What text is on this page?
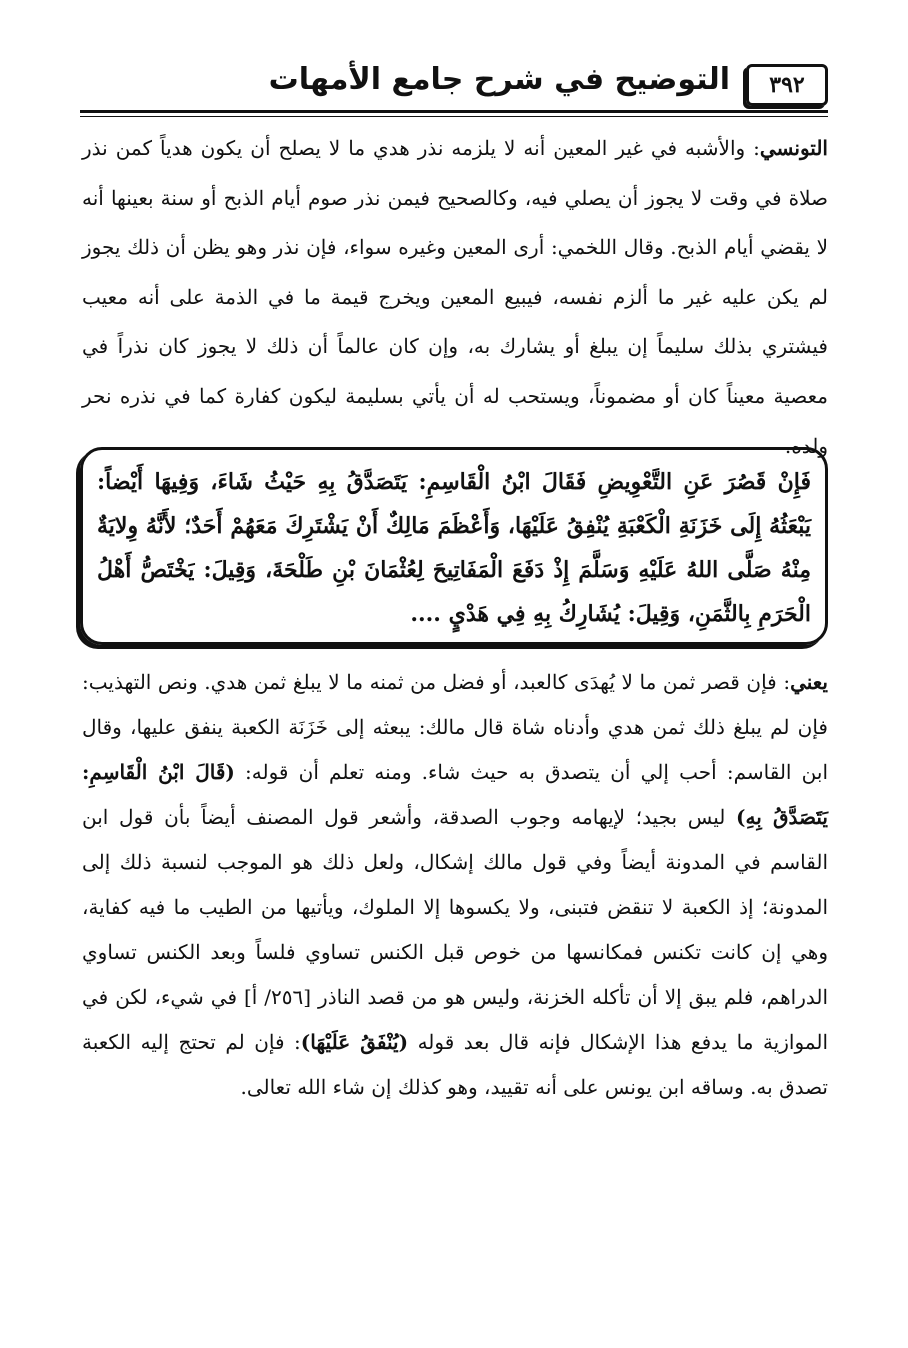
٣٩٢
التوضيح في شرح جامع الأمهات

التونسي: والأشبه في غير المعين أنه لا يلزمه نذر هدي ما لا يصلح أن يكون هدياً كمن نذر صلاة في وقت لا يجوز أن يصلي فيه، وكالصحيح فيمن نذر صوم أيام الذبح أو سنة بعينها أنه لا يقضي أيام الذبح. وقال اللخمي: أرى المعين وغيره سواء، فإن نذر وهو يظن أن ذلك يجوز لم يكن عليه غير ما ألزم نفسه، فيبيع المعين ويخرج قيمة ما في الذمة على أنه معيب فيشتري بذلك سليماً إن يبلغ أو يشارك به، وإن كان عالماً أن ذلك لا يجوز كان نذراً في معصية معيناً كان أو مضموناً، ويستحب له أن يأتي بسليمة ليكون كفارة كما في نذره نحر ولده.

فَإِنْ قَصُرَ عَنِ التَّعْوِيضِ فَقَالَ ابْنُ الْقَاسِمِ: يَتَصَدَّقُ بِهِ حَيْثُ شَاءَ، وَفِيهَا أَيْضاً: يَبْعَثُهُ إِلَى خَزَنَةِ الْكَعْبَةِ يُنْفِقُ عَلَيْهَا، وَأَعْظَمَ مَالِكٌ أَنْ يَشْتَرِكَ مَعَهُمْ أَحَدٌ؛ لأَنَّهُ وِلايَةٌ مِنْهُ صَلَّى اللهُ عَلَيْهِ وَسَلَّمَ إِذْ دَفَعَ الْمَفَاتِيحَ لِعُثْمَانَ بْنِ طَلْحَةَ، وَقِيلَ: يَخْتَصُّ أَهْلُ الْحَرَمِ بِالثَّمَنِ، وَقِيلَ: يُشَارِكُ بِهِ فِي هَدْيٍ ....

يعني: فإن قصر ثمن ما لا يُهدَى كالعبد، أو فضل من ثمنه ما لا يبلغ ثمن هدي. ونص التهذيب: فإن لم يبلغ ذلك ثمن هدي وأدناه شاة قال مالك: يبعثه إلى خَزَنَة الكعبة ينفق عليها، وقال ابن القاسم: أحب إلي أن يتصدق به حيث شاء. ومنه تعلم أن قوله: (قَالَ ابْنُ الْقَاسِمِ: يَتَصَدَّقُ بِهِ) ليس بجيد؛ لإيهامه وجوب الصدقة، وأشعر قول المصنف أيضاً بأن قول ابن القاسم في المدونة أيضاً وفي قول مالك إشكال، ولعل ذلك هو الموجب لنسبة ذلك إلى المدونة؛ إذ الكعبة لا تنقض فتبنى، ولا يكسوها إلا الملوك، ويأتيها من الطيب ما فيه كفاية، وهي إن كانت تكنس فمكانسها من خوص قبل الكنس تساوي فلساً وبعد الكنس تساوي الدراهم، فلم يبق إلا أن تأكله الخزنة، وليس هو من قصد الناذر [٢٥٦/ أ] في شيء، لكن في الموازية ما يدفع هذا الإشكال فإنه قال بعد قوله (يُنْفَقُ عَلَيْهَا): فإن لم تحتج إليه الكعبة تصدق به. وساقه ابن يونس على أنه تقييد، وهو كذلك إن شاء الله تعالى.
